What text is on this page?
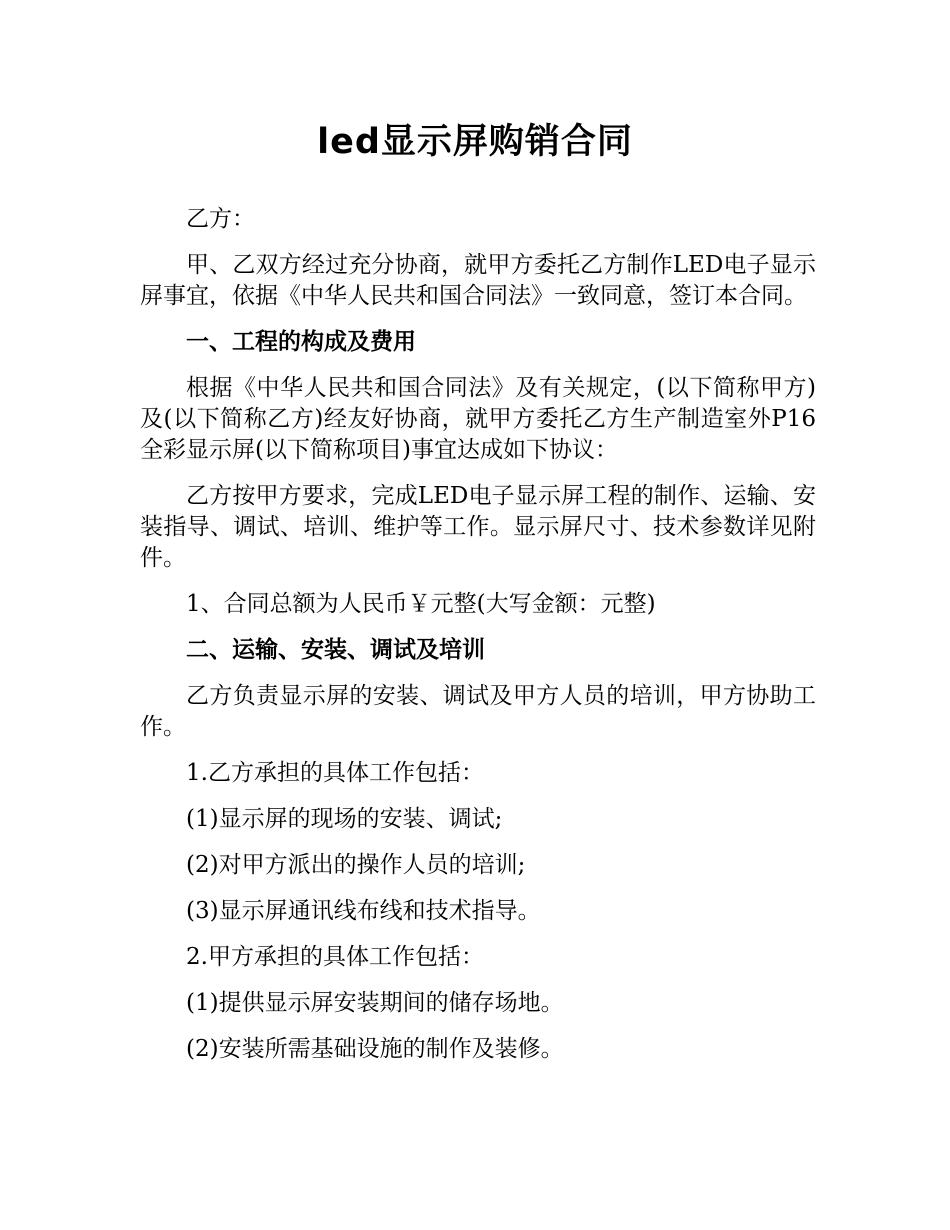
led显示屏购销合同

乙方：

甲、乙双方经过充分协商，就甲方委托乙方制作LED电子显示屏事宜，依据《中华人民共和国合同法》一致同意，签订本合同。

一、工程的构成及费用

根据《中华人民共和国合同法》及有关规定，(以下简称甲方)及(以下简称乙方)经友好协商，就甲方委托乙方生产制造室外P16全彩显示屏(以下简称项目)事宜达成如下协议：

乙方按甲方要求，完成LED电子显示屏工程的制作、运输、安装指导、调试、培训、维护等工作。显示屏尺寸、技术参数详见附件。

1、合同总额为人民币￥元整(大写金额：元整)

二、运输、安装、调试及培训

乙方负责显示屏的安装、调试及甲方人员的培训，甲方协助工作。

1.乙方承担的具体工作包括：

(1)显示屏的现场的安装、调试;

(2)对甲方派出的操作人员的培训;

(3)显示屏通讯线布线和技术指导。

2.甲方承担的具体工作包括：

(1)提供显示屏安装期间的储存场地。

(2)安装所需基础设施的制作及装修。
